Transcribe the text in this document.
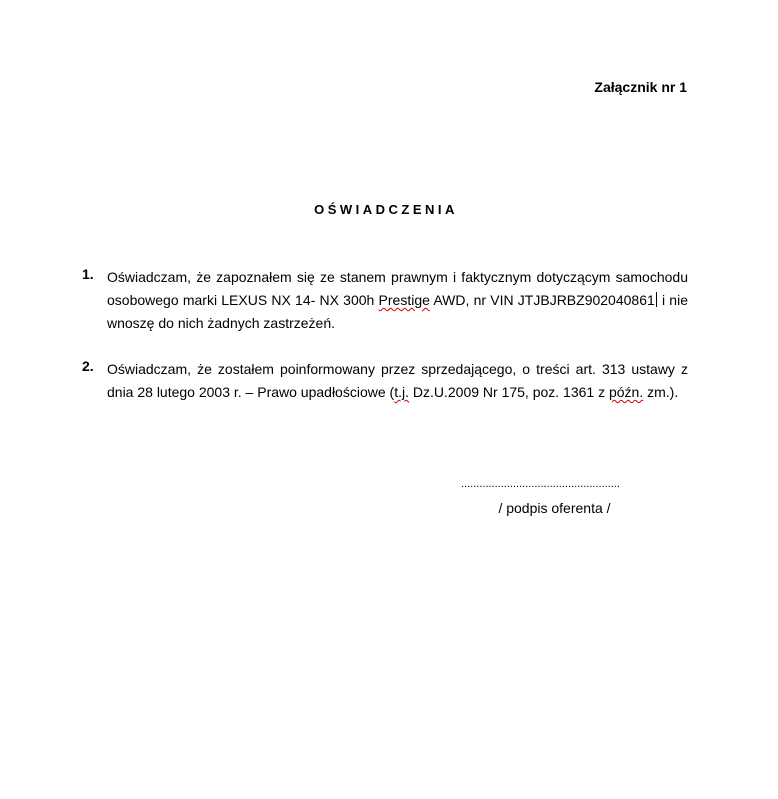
Załącznik nr 1
OŚWIADCZENIA
1. Oświadczam, że zapoznałem się ze stanem prawnym i faktycznym dotyczącym samochodu osobowego marki LEXUS NX 14- NX 300h Prestige AWD, nr VIN JTJBJRBZ902040861 i nie wnoszę do nich żadnych zastrzeżeń.
2. Oświadczam, że zostałem poinformowany przez sprzedającego, o treści art. 313 ustawy z dnia 28 lutego 2003 r. – Prawo upadłościowe (t.j. Dz.U.2009 Nr 175, poz. 1361 z późn. zm.).
....................................................
/ podpis oferenta /
